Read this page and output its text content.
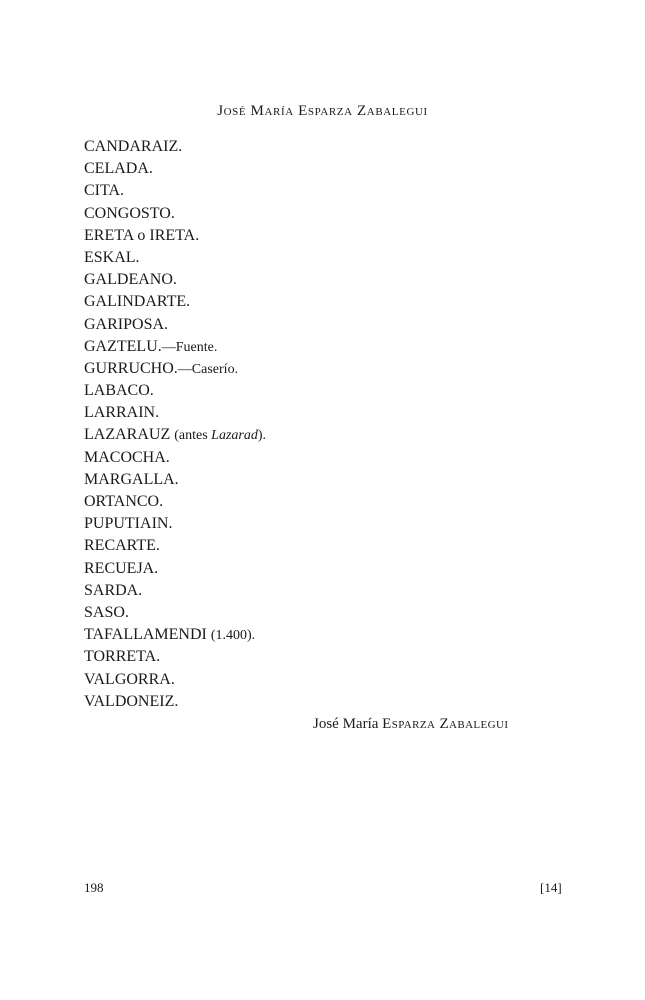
José María Esparza Zabalegui
CANDARAIZ.
CELADA.
CITA.
CONGOSTO.
ERETA o IRETA.
ESKAL.
GALDEANO.
GALINDARTE.
GARIPOSA.
GAZTELU.—Fuente.
GURRUCHO.—Caserío.
LABACO.
LARRAIN.
LAZARAUZ (antes Lazarad).
MACOCHA.
MARGALLA.
ORTANCO.
PUPUTIAIN.
RECARTE.
RECUEJA.
SARDA.
SASO.
TAFALLAMENDI (1.400).
TORRETA.
VALGORRA.
VALDONEIZ.
José María Esparza Zabalegui
198	[14]
